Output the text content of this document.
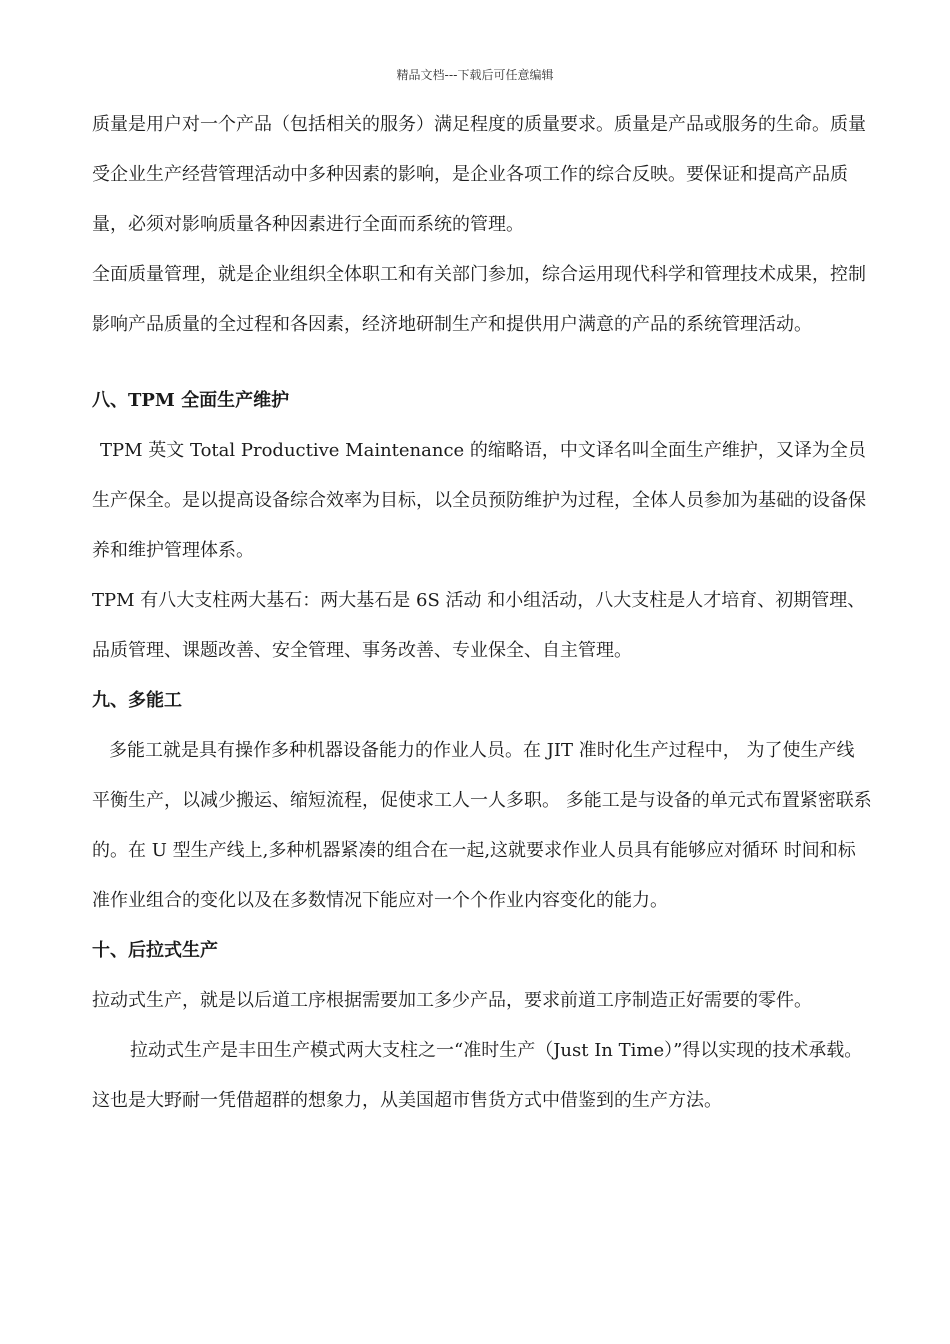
精品文档---下载后可任意编辑

质量是用户对一个产品（包括相关的服务）满足程度的质量要求。质量是产品或服务的生命。质量受企业生产经营管理活动中多种因素的影响，是企业各项工作的综合反映。要保证和提高产品质量，必须对影响质量各种因素进行全面而系统的管理。

全面质量管理，就是企业组织全体职工和有关部门参加，综合运用现代科学和管理技术成果，控制影响产品质量的全过程和各因素，经济地研制生产和提供用户满意的产品的系统管理活动。

八、TPM 全面生产维护

TPM 英文 Total Productive Maintenance 的缩略语，中文译名叫全面生产维护，又译为全员生产保全。是以提高设备综合效率为目标，以全员预防维护为过程，全体人员参加为基础的设备保养和维护管理体系。

TPM 有八大支柱两大基石：两大基石是 6S 活动 和小组活动，八大支柱是人才培育、初期管理、品质管理、课题改善、安全管理、事务改善、专业保全、自主管理。

九、多能工

多能工就是具有操作多种机器设备能力的作业人员。在 JIT 准时化生产过程中， 为了使生产线平衡生产，以减少搬运、缩短流程，促使求工人一人多职。 多能工是与设备的单元式布置紧密联系 的。在 U 型生产线上,多种机器紧凑的组合在一起,这就要求作业人员具有能够应对循环 时间和标准作业组合的变化以及在多数情况下能应对一个个作业内容变化的能力。

十、后拉式生产

拉动式生产，就是以后道工序根据需要加工多少产品，要求前道工序制造正好需要的零件。

拉动式生产是丰田生产模式两大支柱之一“准时生产（Just In Time）”得以实现的技术承载。这也是大野耐一凭借超群的想象力，从美国超市售货方式中借鉴到的生产方法。
